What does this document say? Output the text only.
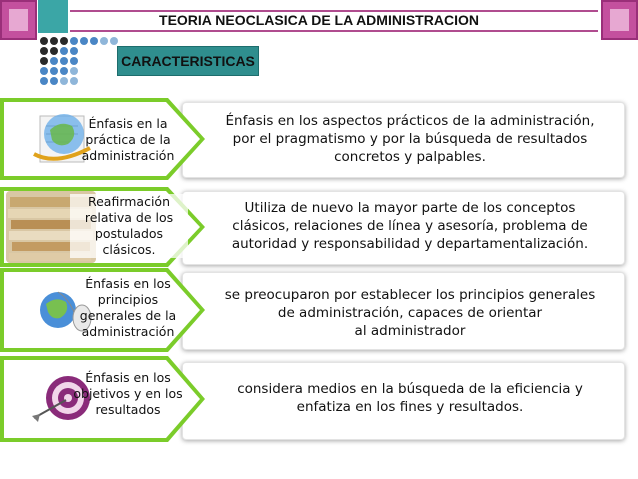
TEORIA NEOCLASICA DE LA ADMINISTRACION
CARACTERISTICAS
Énfasis en la
práctica de la
administración
Énfasis en los aspectos prácticos de la administración,
por el pragmatismo y por la búsqueda de resultados
concretos y palpables.
Reafirmación
relativa de los
postulados
clásicos.
Utiliza de nuevo la mayor parte de los conceptos
clásicos, relaciones de línea y asesoría, problema de
autoridad y responsabilidad y departamentalización.
Énfasis en los
principios
generales de la
administración
se preocuparon por establecer los principios generales
de administración, capaces de orientar
al administrador
Énfasis en los
objetivos y en los
resultados
considera medios en la búsqueda de la eficiencia y
enfatiza en los fines y resultados.
